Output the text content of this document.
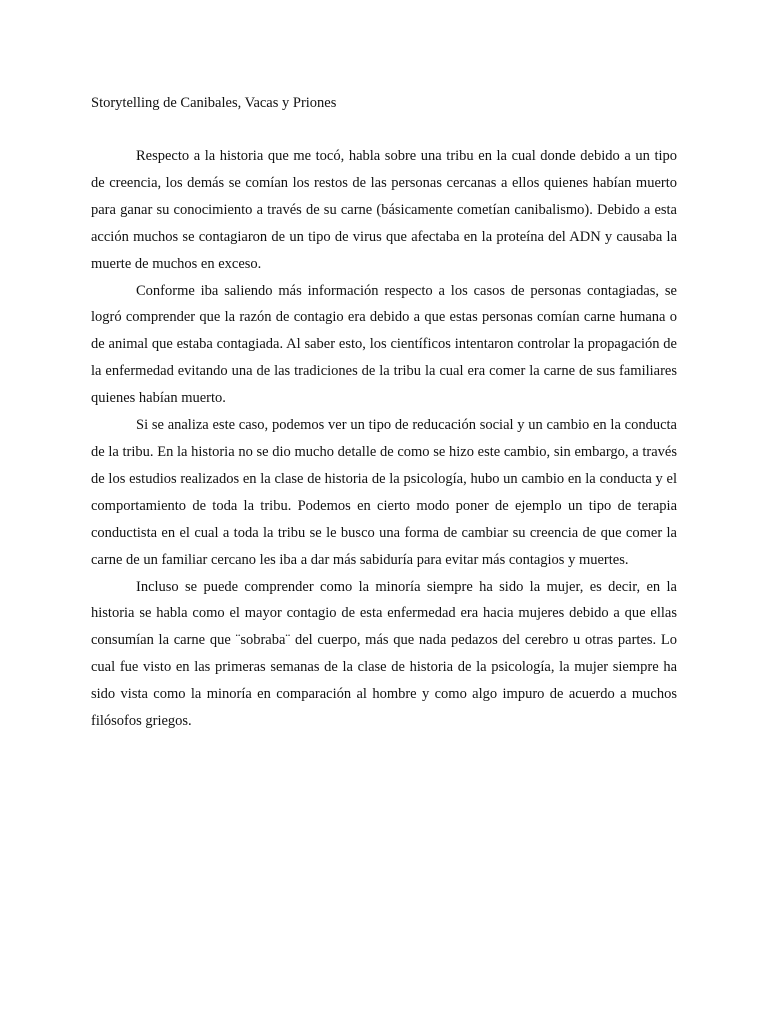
Storytelling de Canibales, Vacas y Priones

Respecto a la historia que me tocó, habla sobre una tribu en la cual donde debido a un tipo de creencia, los demás se comían los restos de las personas cercanas a ellos quienes habían muerto para ganar su conocimiento a través de su carne (básicamente cometían canibalismo). Debido a esta acción muchos se contagiaron de un tipo de virus que afectaba en la proteína del ADN y causaba la muerte de muchos en exceso.

Conforme iba saliendo más información respecto a los casos de personas contagiadas, se logró comprender que la razón de contagio era debido a que estas personas comían carne humana o de animal que estaba contagiada. Al saber esto, los científicos intentaron controlar la propagación de la enfermedad evitando una de las tradiciones de la tribu la cual era comer la carne de sus familiares quienes habían muerto.

Si se analiza este caso, podemos ver un tipo de reducación social y un cambio en la conducta de la tribu. En la historia no se dio mucho detalle de como se hizo este cambio, sin embargo, a través de los estudios realizados en la clase de historia de la psicología, hubo un cambio en la conducta y el comportamiento de toda la tribu. Podemos en cierto modo poner de ejemplo un tipo de terapia conductista en el cual a toda la tribu se le busco una forma de cambiar su creencia de que comer la carne de un familiar cercano les iba a dar más sabiduría para evitar más contagios y muertes.

Incluso se puede comprender como la minoría siempre ha sido la mujer, es decir, en la historia se habla como el mayor contagio de esta enfermedad era hacia mujeres debido a que ellas consumían la carne que ¨sobraba¨ del cuerpo, más que nada pedazos del cerebro u otras partes. Lo cual fue visto en las primeras semanas de la clase de historia de la psicología, la mujer siempre ha sido vista como la minoría en comparación al hombre y como algo impuro de acuerdo a muchos filósofos griegos.
